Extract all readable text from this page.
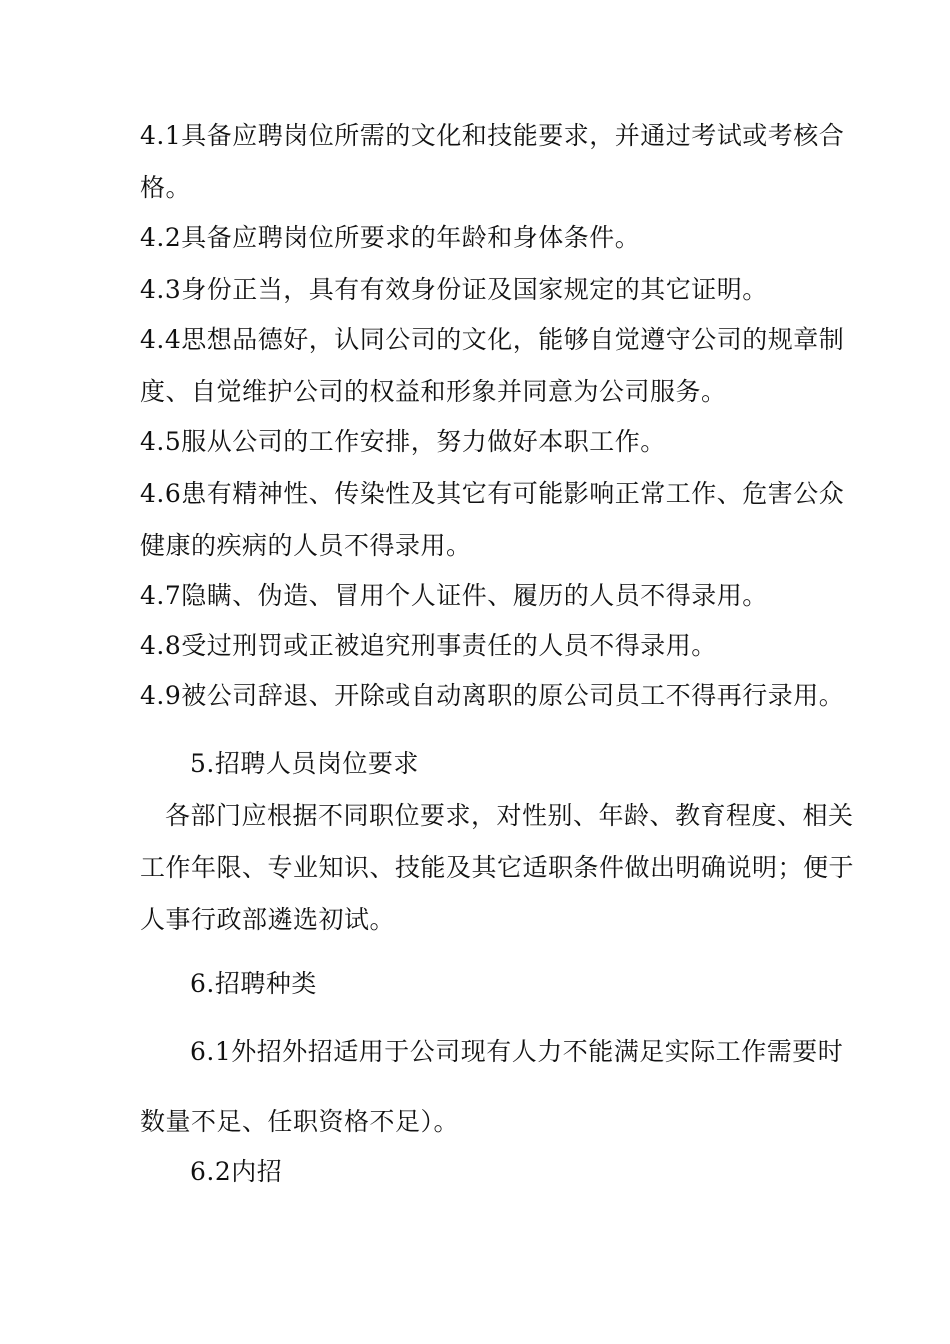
4.1具备应聘岗位所需的文化和技能要求，并通过考试或考核合
格。

4.2具备应聘岗位所要求的年龄和身体条件。

4.3身份正当，具有有效身份证及国家规定的其它证明。

4.4思想品德好，认同公司的文化，能够自觉遵守公司的规章制
度、自觉维护公司的权益和形象并同意为公司服务。

4.5服从公司的工作安排，努力做好本职工作。

4.6患有精神性、传染性及其它有可能影响正常工作、危害公众
健康的疾病的人员不得录用。

4.7隐瞒、伪造、冒用个人证件、履历的人员不得录用。

4.8受过刑罚或正被追究刑事责任的人员不得录用。

4.9被公司辞退、开除或自动离职的原公司员工不得再行录用。

5.招聘人员岗位要求

各部门应根据不同职位要求，对性别、年龄、教育程度、相关
工作年限、专业知识、技能及其它适职条件做出明确说明；便于
人事行政部遴选初试。

6.招聘种类

6.1外招外招适用于公司现有人力不能满足实际工作需要时
数量不足、任职资格不足）。

6.2内招
